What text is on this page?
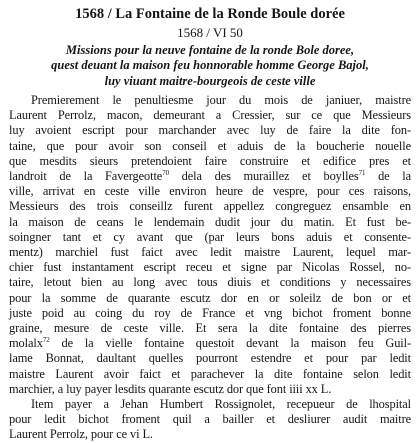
1568 / La Fontaine de la Ronde Boule dorée
1568 / VI 50
Missions pour la neuve fontaine de la ronde Bole doree,
quest deuant la maison feu honnorable homme George Bajol,
luy viuant maitre-bourgeois de ceste ville

Premierement le penultiesme jour du mois de janiuer, maistre
Laurent Perrolz, macon, demeurant a Cressier, sur ce que Messieurs
luy avoient escript pour marchander avec luy de faire la dite fon-
taine, que pour avoir son conseil et aduis de la boucherie nouelle
que mesdits sieurs pretendoient faire construire et edifice pres et
landroit de la Favergeotte$^{70}$ dela des muraillez et boylles$^{71}$ de la
ville, arrivat en ceste ville environ heure de vespre, pour ces raisons,
Messieurs des trois conseillz furent appellez congreguez ensamble en
la maison de ceans le lendemain dudit jour du matin. Et fust be-
soingner tant et cy avant que (par leurs bons aduis et consente-
mentz) marchiel fust faict avec ledit maistre Laurent, lequel mar-
chier fust instantament escript receu et signe par Nicolas Rossel, no-
taire, letout bien au long avec tous diuis et conditions y necessaires
pour la somme de quarante escutz dor en or soleilz de bon or et
juste poid au coing du roy de France et vng bichot froment bonne
graine, mesure de ceste ville. Et sera la dite fontaine des pierres
molalx$^{72}$ de la vielle fontaine questoit devant la maison feu Guil-
lame Bonnat, daultant quelles pourront estendre et pour par ledit
maistre Laurent avoir faict et parachever la dite fontaine selon ledit
marchier, a luy payer lesdits quarante escutz dor que font iiii xx L.

Item payer a Jehan Humbert Rossignolet, recepueur de lhospital
pour ledit bichot froment quil a bailler et desliurer audit maitre
Laurent Perrolz, pour ce vi L.
